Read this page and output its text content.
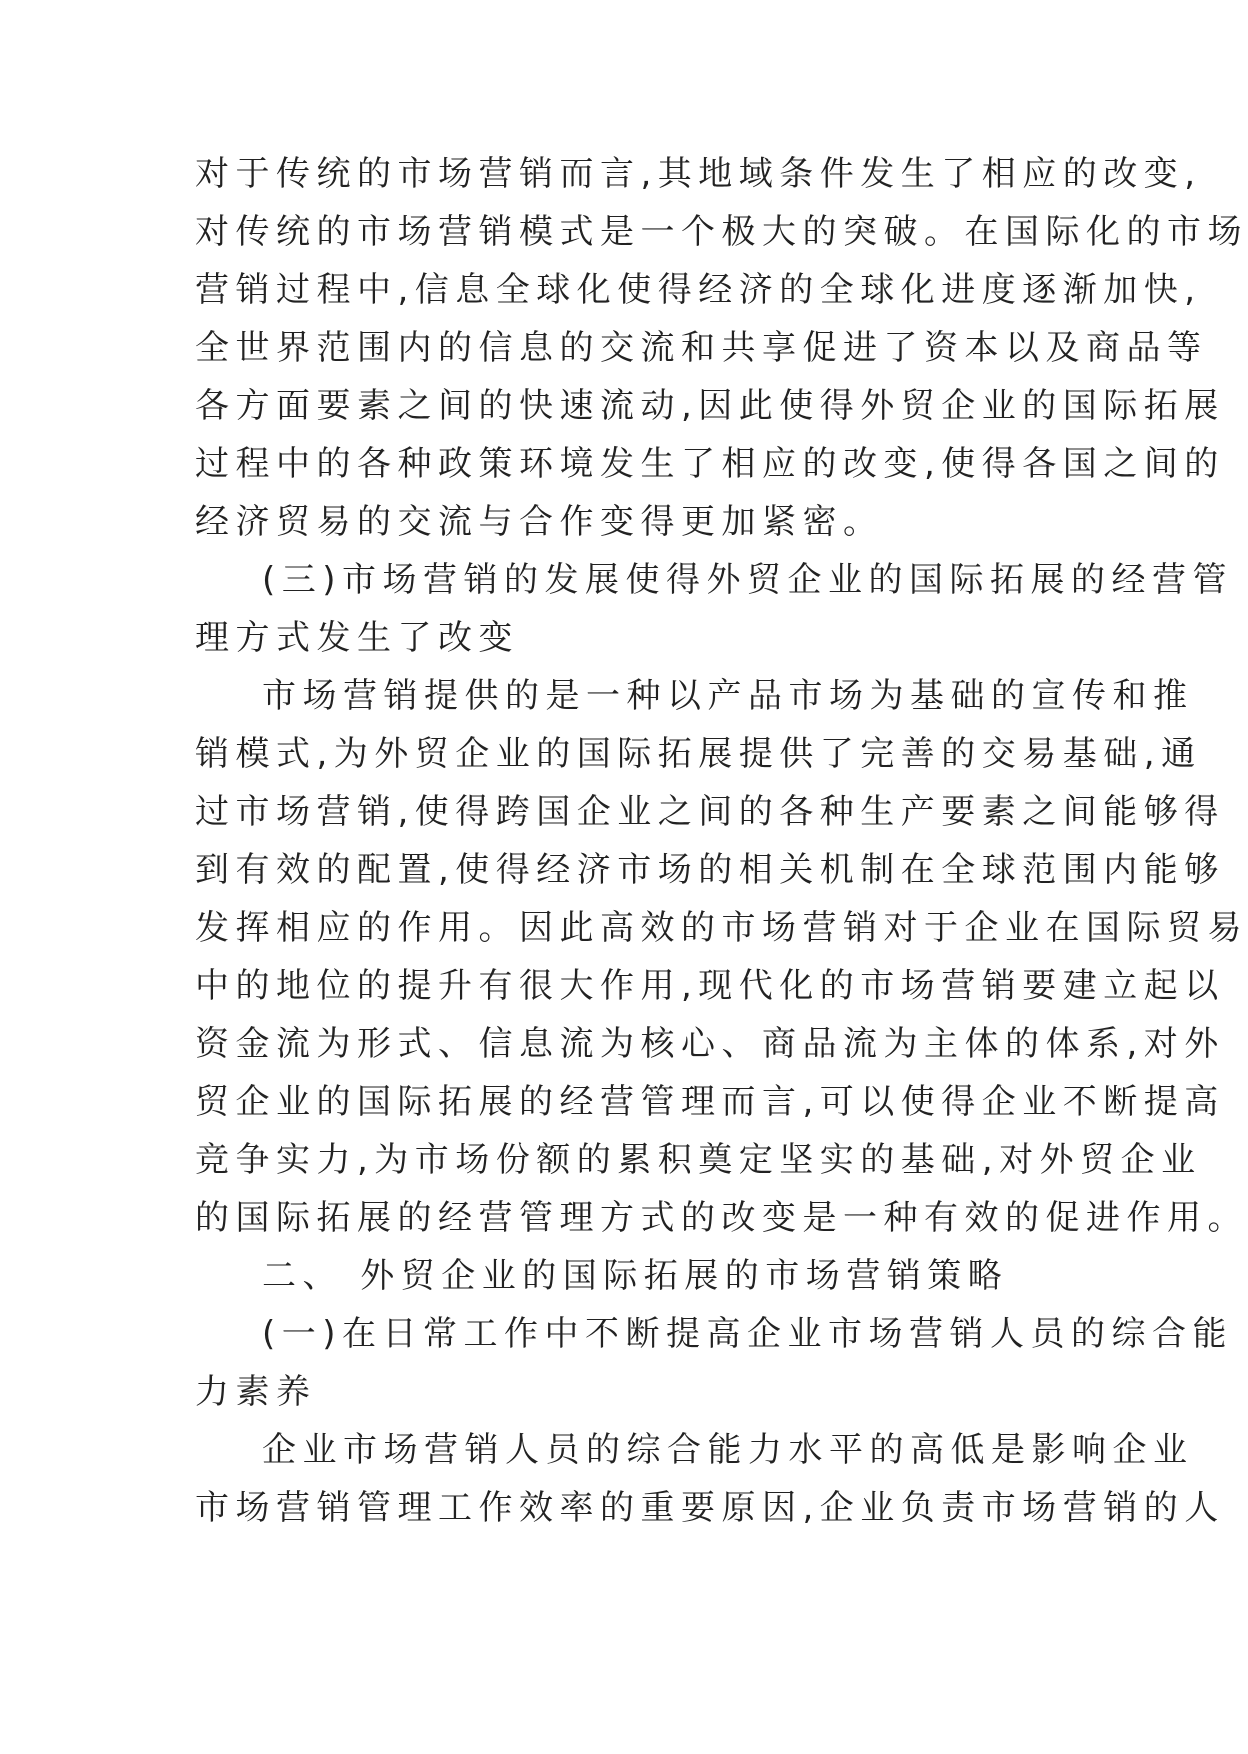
对于传统的市场营销而言,其地域条件发生了相应的改变,
对传统的市场营销模式是一个极大的突破。在国际化的市场
营销过程中,信息全球化使得经济的全球化进度逐渐加快,
全世界范围内的信息的交流和共享促进了资本以及商品等
各方面要素之间的快速流动,因此使得外贸企业的国际拓展
过程中的各种政策环境发生了相应的改变,使得各国之间的
经济贸易的交流与合作变得更加紧密。
(三)市场营销的发展使得外贸企业的国际拓展的经营管
理方式发生了改变
市场营销提供的是一种以产品市场为基础的宣传和推
销模式,为外贸企业的国际拓展提供了完善的交易基础,通
过市场营销,使得跨国企业之间的各种生产要素之间能够得
到有效的配置,使得经济市场的相关机制在全球范围内能够
发挥相应的作用。因此高效的市场营销对于企业在国际贸易
中的地位的提升有很大作用,现代化的市场营销要建立起以
资金流为形式、信息流为核心、商品流为主体的体系,对外
贸企业的国际拓展的经营管理而言,可以使得企业不断提高
竞争实力,为市场份额的累积奠定坚实的基础,对外贸企业
的国际拓展的经营管理方式的改变是一种有效的促进作用。
二、 外贸企业的国际拓展的市场营销策略
(一)在日常工作中不断提高企业市场营销人员的综合能
力素养
企业市场营销人员的综合能力水平的高低是影响企业
市场营销管理工作效率的重要原因,企业负责市场营销的人
